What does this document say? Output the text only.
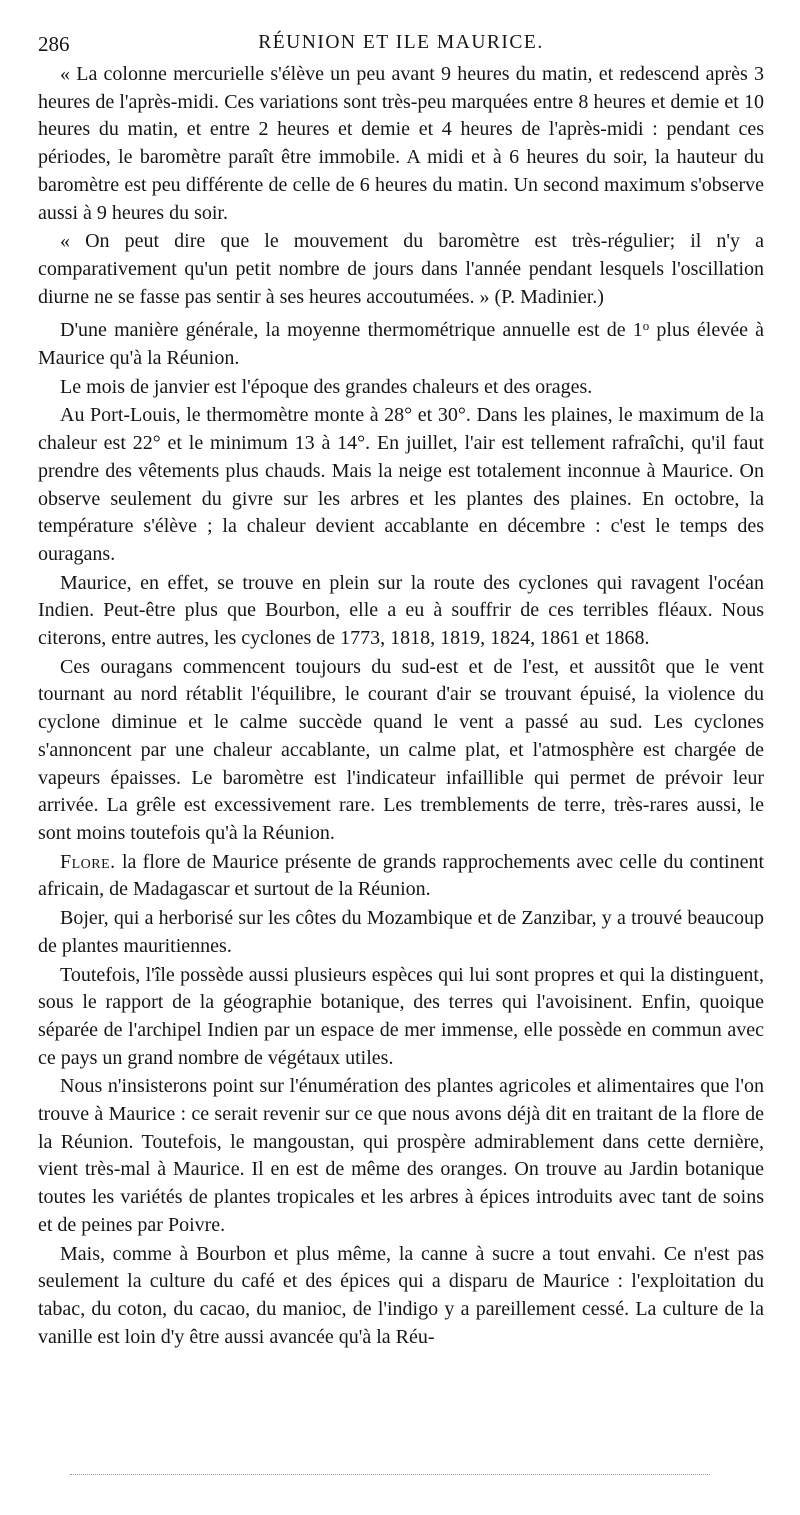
286	RÉUNION ET ILE MAURICE.

« La colonne mercurielle s'élève un peu avant 9 heures du matin, et redescend après 3 heures de l'après-midi. Ces variations sont très-peu marquées entre 8 heures et demie et 10 heures du matin, et entre 2 heures et demie et 4 heures de l'après-midi : pendant ces périodes, le baromètre paraît être immobile. A midi et à 6 heures du soir, la hauteur du baromètre est peu différente de celle de 6 heures du matin. Un second maximum s'observe aussi à 9 heures du soir.

« On peut dire que le mouvement du baromètre est très-régulier; il n'y a comparativement qu'un petit nombre de jours dans l'année pendant lesquels l'oscillation diurne ne se fasse pas sentir à ses heures accoutumées. » (P. Madinier.)

D'une manière générale, la moyenne thermométrique annuelle est de 1$^o$ plus élevée à Maurice qu'à la Réunion.

Le mois de janvier est l'époque des grandes chaleurs et des orages.

Au Port-Louis, le thermomètre monte à 28° et 30°. Dans les plaines, le maximum de la chaleur est 22° et le minimum 13 à 14°. En juillet, l'air est tellement rafraîchi, qu'il faut prendre des vêtements plus chauds. Mais la neige est totalement inconnue à Maurice. On observe seulement du givre sur les arbres et les plantes des plaines. En octobre, la température s'élève ; la chaleur devient accablante en décembre : c'est le temps des ouragans.

Maurice, en effet, se trouve en plein sur la route des cyclones qui ravagent l'océan Indien. Peut-être plus que Bourbon, elle a eu à souffrir de ces terribles fléaux. Nous citerons, entre autres, les cyclones de 1773, 1818, 1819, 1824, 1861 et 1868.

Ces ouragans commencent toujours du sud-est et de l'est, et aussitôt que le vent tournant au nord rétablit l'équilibre, le courant d'air se trouvant épuisé, la violence du cyclone diminue et le calme succède quand le vent a passé au sud. Les cyclones s'annoncent par une chaleur accablante, un calme plat, et l'atmosphère est chargée de vapeurs épaisses. Le baromètre est l'indicateur infaillible qui permet de prévoir leur arrivée. La grêle est excessivement rare. Les tremblements de terre, très-rares aussi, le sont moins toutefois qu'à la Réunion.

Flore. la flore de Maurice présente de grands rapprochements avec celle du continent africain, de Madagascar et surtout de la Réunion.

Bojer, qui a herborisé sur les côtes du Mozambique et de Zanzibar, y a trouvé beaucoup de plantes mauritiennes.

Toutefois, l'île possède aussi plusieurs espèces qui lui sont propres et qui la distinguent, sous le rapport de la géographie botanique, des terres qui l'avoisinent. Enfin, quoique séparée de l'archipel Indien par un espace de mer immense, elle possède en commun avec ce pays un grand nombre de végétaux utiles.

Nous n'insisterons point sur l'énumération des plantes agricoles et alimentaires que l'on trouve à Maurice : ce serait revenir sur ce que nous avons déjà dit en traitant de la flore de la Réunion. Toutefois, le mangoustan, qui prospère admirablement dans cette dernière, vient très-mal à Maurice. Il en est de même des oranges. On trouve au Jardin botanique toutes les variétés de plantes tropicales et les arbres à épices introduits avec tant de soins et de peines par Poivre.

Mais, comme à Bourbon et plus même, la canne à sucre a tout envahi. Ce n'est pas seulement la culture du café et des épices qui a disparu de Maurice : l'exploitation du tabac, du coton, du cacao, du manioc, de l'indigo y a pareillement cessé. La culture de la vanille est loin d'y être aussi avancée qu'à la Réu-
